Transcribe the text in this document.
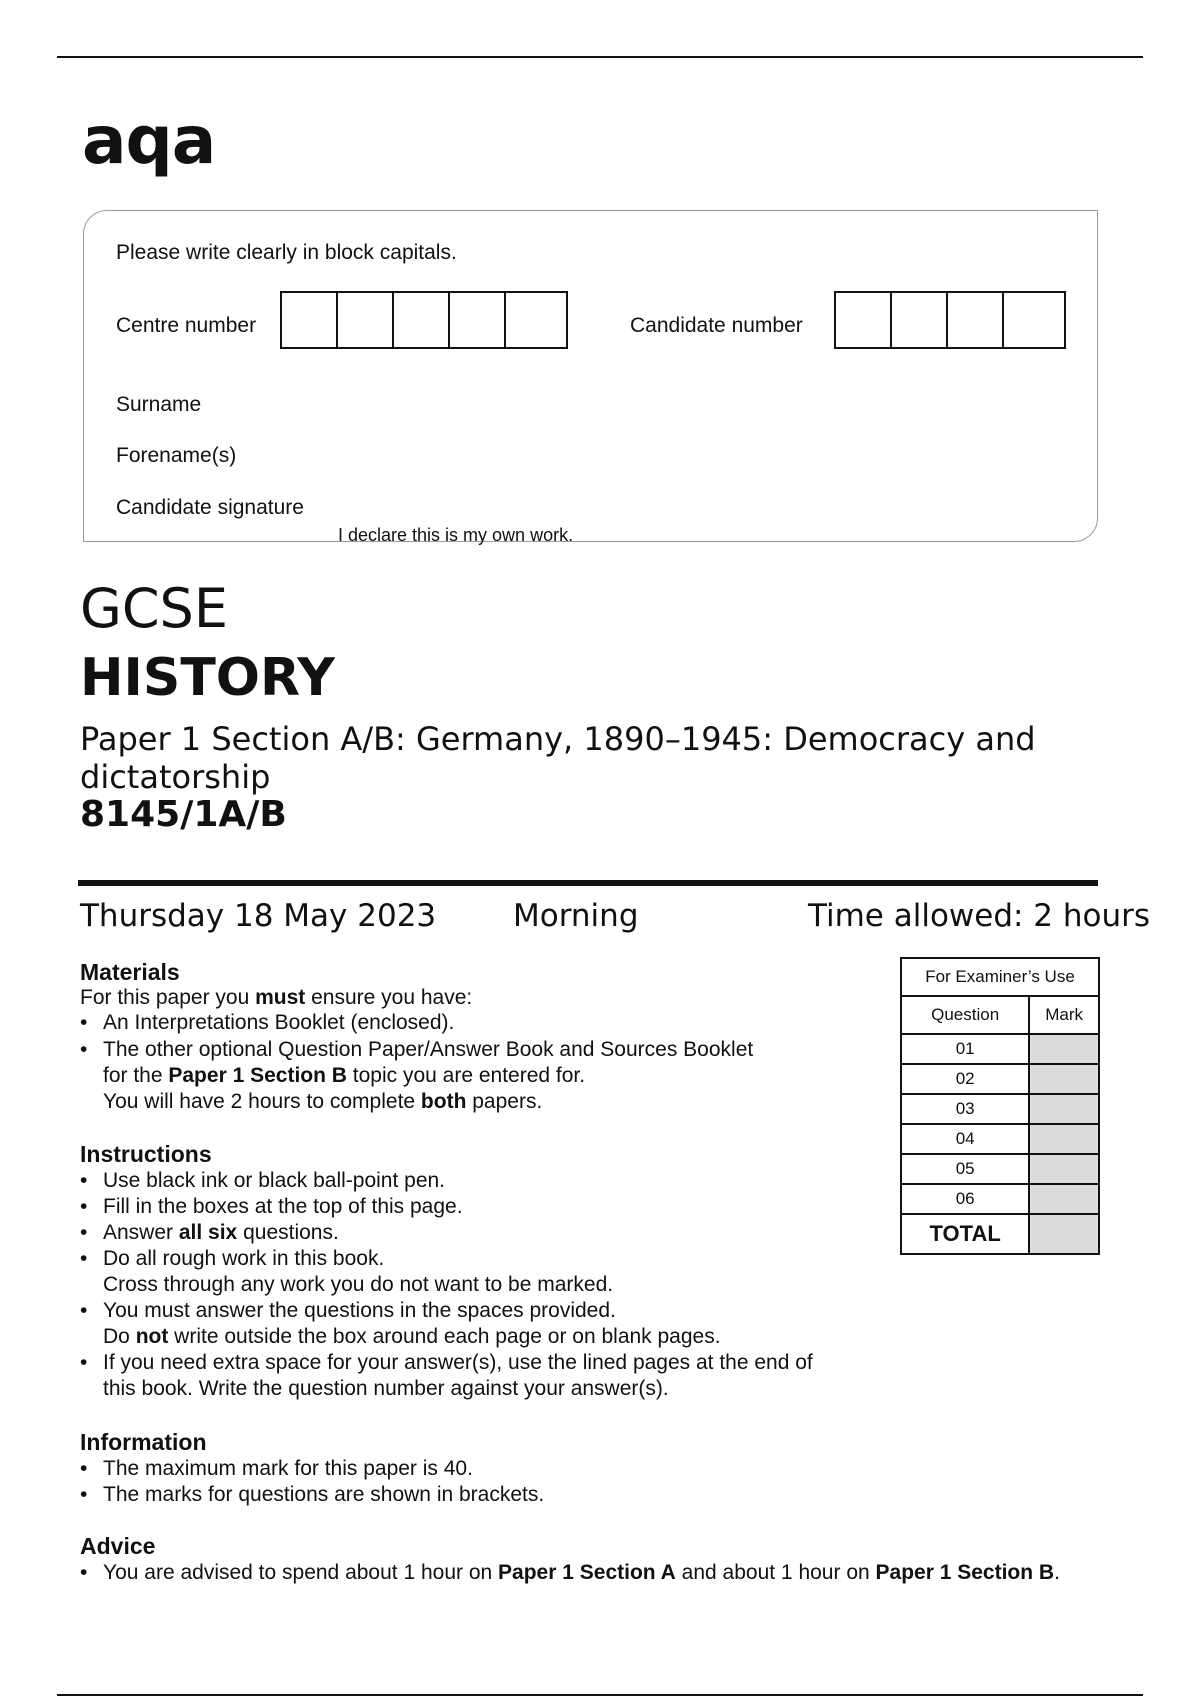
aqa
Please write clearly in block capitals.
Centre number	Candidate number
Surname
Forename(s)
Candidate signature
I declare this is my own work.
GCSE
HISTORY
Paper 1 Section A/B: Germany, 1890–1945: Democracy and dictatorship
8145/1A/B
Thursday 18 May 2023 Morning	Time allowed: 2 hours
Materials
For this paper you must ensure you have:
• An Interpretations Booklet (enclosed).
• The other optional Question Paper/Answer Book and Sources Booklet
for the Paper 1 Section B topic you are entered for.
You will have 2 hours to complete both papers.
Instructions
• Use black ink or black ball-point pen.
• Fill in the boxes at the top of this page.
• Answer all six questions.
• Do all rough work in this book.
Cross through any work you do not want to be marked.
• You must answer the questions in the spaces provided.
Do not write outside the box around each page or on blank pages.
• If you need extra space for your answer(s), use the lined pages at the end of
this book. Write the question number against your answer(s).
Information
• The maximum mark for this paper is 40.
• The marks for questions are shown in brackets.
Advice
• You are advised to spend about 1 hour on Paper 1 Section A and about 1 hour on Paper 1 Section B.
For Examiner’s Use	
Question	Mark
01	
02	
03	
04	
05	
06	
TOTAL	
